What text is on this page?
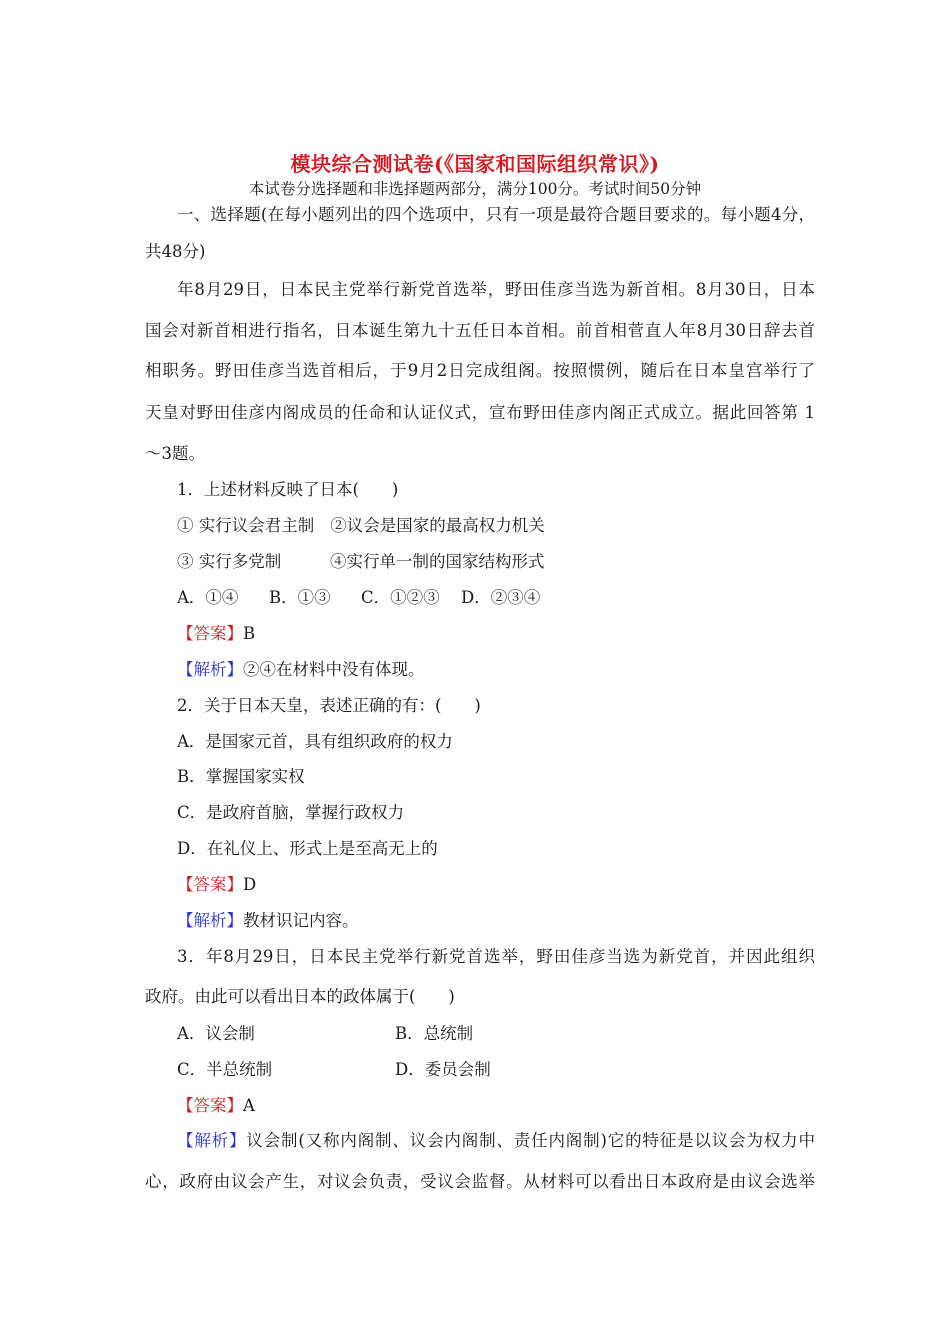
模块综合测试卷(《国家和国际组织常识》)
本试卷分选择题和非选择题两部分，满分100分。考试时间50分钟
一、选择题(在每小题列出的四个选项中，只有一项是最符合题目要求的。每小题4分，
共48分)
年8月29日，日本民主党举行新党首选举，野田佳彦当选为新首相。8月30日，日本
国会对新首相进行指名，日本诞生第九十五任日本首相。前首相菅直人年8月30日辞去首
相职务。野田佳彦当选首相后，于9月2日完成组阁。按照惯例，随后在日本皇宫举行了
天皇对野田佳彦内阁成员的任命和认证仪式，宣布野田佳彦内阁正式成立。据此回答第 1
～3题。
1．上述材料反映了日本(　　)
① 实行议会君主制 ②议会是国家的最高权力机关
③ 实行多党制	④实行单一制的国家结构形式
A．①④ B．①③ C．①②③ D．②③④
【答案】B
【解析】②④在材料中没有体现。
2．关于日本天皇，表述正确的有：(　　)
A．是国家元首，具有组织政府的权力
B．掌握国家实权
C．是政府首脑，掌握行政权力
D．在礼仪上、形式上是至高无上的
【答案】D
【解析】教材识记内容。
3．年8月29日，日本民主党举行新党首选举，野田佳彦当选为新党首，并因此组织
政府。由此可以看出日本的政体属于(　　)
A．议会制	B．总统制
C．半总统制	D．委员会制
【答案】A
【解析】议会制(又称内阁制、议会内阁制、责任内阁制)它的特征是以议会为权力中
心，政府由议会产生，对议会负责，受议会监督。从材料可以看出日本政府是由议会选举
